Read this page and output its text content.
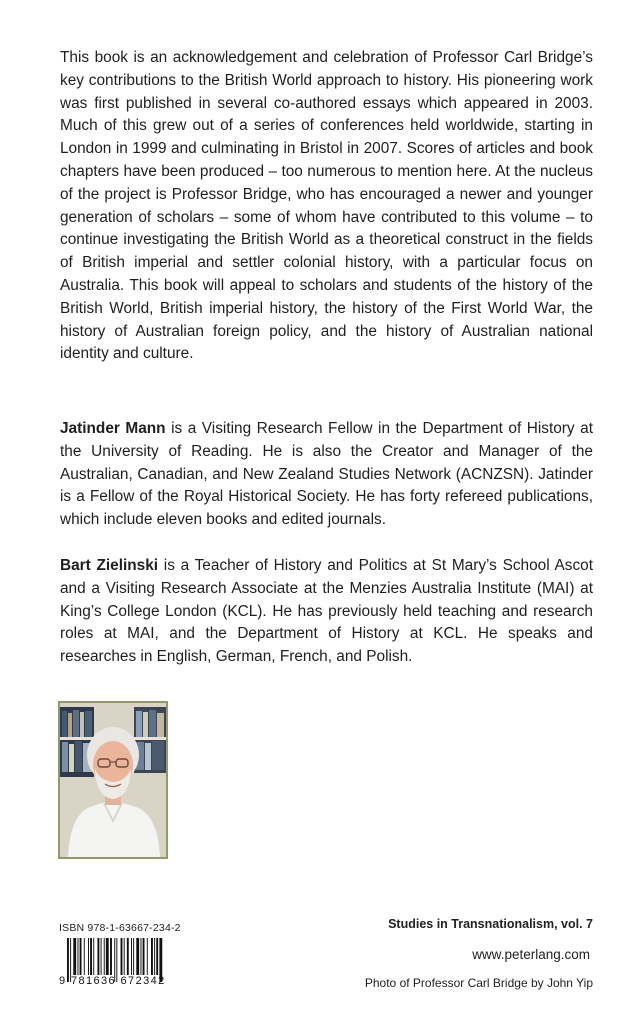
This book is an acknowledgement and celebration of Professor Carl Bridge’s key contributions to the British World approach to history. His pioneering work was first published in several co-authored essays which appeared in 2003. Much of this grew out of a series of conferences held worldwide, starting in London in 1999 and culminating in Bristol in 2007. Scores of articles and book chapters have been produced – too numerous to mention here. At the nucleus of the project is Professor Bridge, who has encouraged a newer and younger generation of scholars – some of whom have contributed to this volume – to continue investigating the British World as a theoretical construct in the fields of British imperial and settler colonial history, with a particular focus on Australia. This book will appeal to scholars and students of the history of the British World, British imperial history, the history of the First World War, the history of Australian foreign policy, and the history of Australian national identity and culture.
Jatinder Mann is a Visiting Research Fellow in the Department of History at the University of Reading. He is also the Creator and Manager of the Australian, Canadian, and New Zealand Studies Network (ACNZSN). Jatinder is a Fellow of the Royal Historical Society. He has forty refereed publications, which include eleven books and edited journals.
Bart Zielinski is a Teacher of History and Politics at St Mary’s School Ascot and a Visiting Research Associate at the Menzies Australia Institute (MAI) at King’s College London (KCL). He has previously held teaching and research roles at MAI, and the Department of History at KCL. He speaks and researches in English, German, French, and Polish.
ISBN 978-1-63667-234-2
9 781636 672342
Studies in Transnationalism, vol. 7
www.peterlang.com
Photo of Professor Carl Bridge by John Yip
